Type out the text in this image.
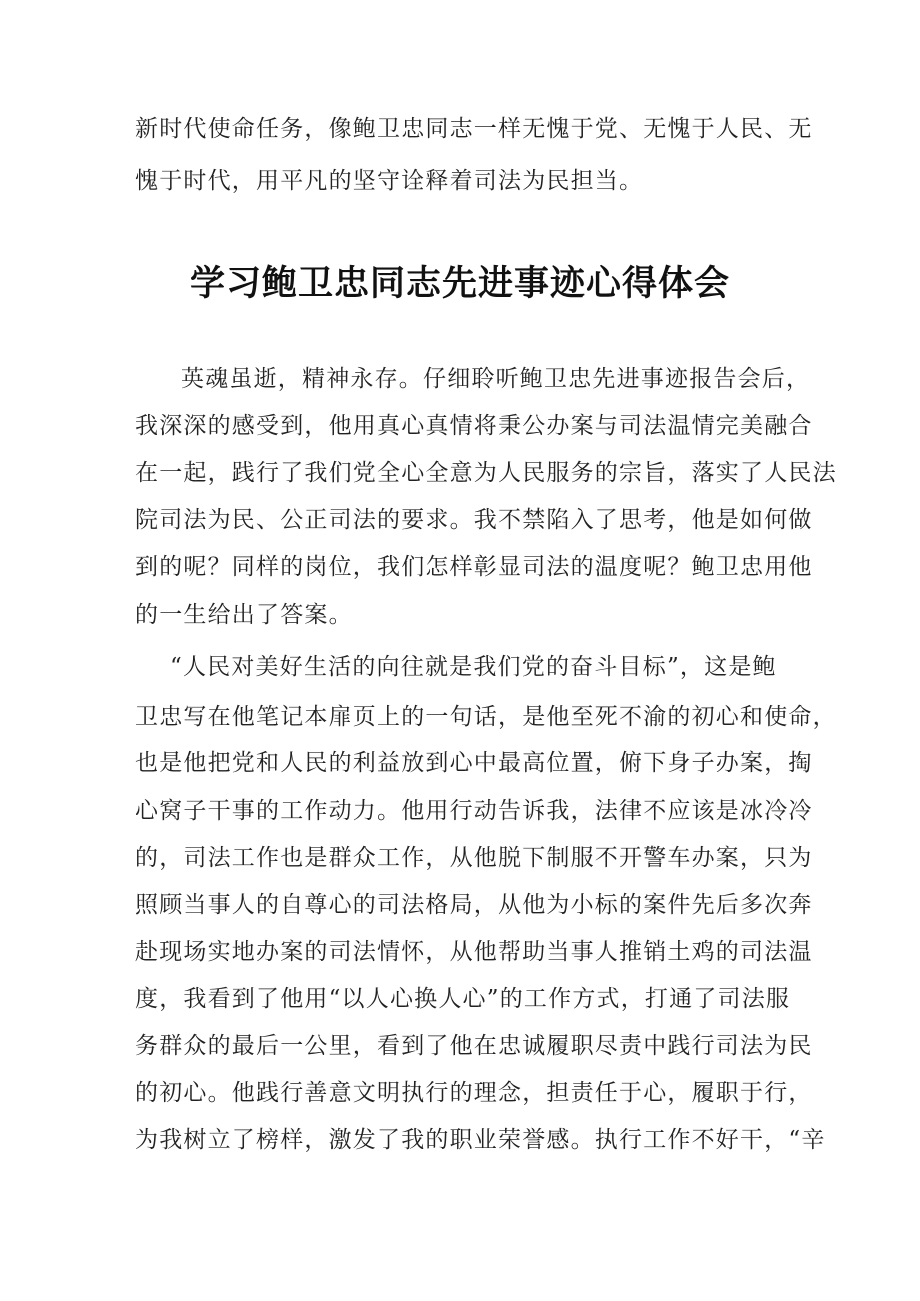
新时代使命任务，像鲍卫忠同志一样无愧于党、无愧于人民、无
愧于时代，用平凡的坚守诠释着司法为民担当。
学习鲍卫忠同志先进事迹心得体会
英魂虽逝，精神永存。仔细聆听鲍卫忠先进事迹报告会后，
我深深的感受到，他用真心真情将秉公办案与司法温情完美融合
在一起，践行了我们党全心全意为人民服务的宗旨，落实了人民法
院司法为民、公正司法的要求。我不禁陷入了思考，他是如何做
到的呢？同样的岗位，我们怎样彰显司法的温度呢？鲍卫忠用他
的一生给出了答案。
“人民对美好生活的向往就是我们党的奋斗目标”，这是鲍
卫忠写在他笔记本扉页上的一句话，是他至死不渝的初心和使命，
也是他把党和人民的利益放到心中最高位置，俯下身子办案，掏
心窝子干事的工作动力。他用行动告诉我，法律不应该是冰冷冷
的，司法工作也是群众工作，从他脱下制服不开警车办案，只为
照顾当事人的自尊心的司法格局，从他为小标的案件先后多次奔
赴现场实地办案的司法情怀，从他帮助当事人推销土鸡的司法温
度，我看到了他用“以人心换人心”的工作方式，打通了司法服
务群众的最后一公里，看到了他在忠诚履职尽责中践行司法为民
的初心。他践行善意文明执行的理念，担责任于心，履职于行，
为我树立了榜样，激发了我的职业荣誉感。执行工作不好干，“辛
